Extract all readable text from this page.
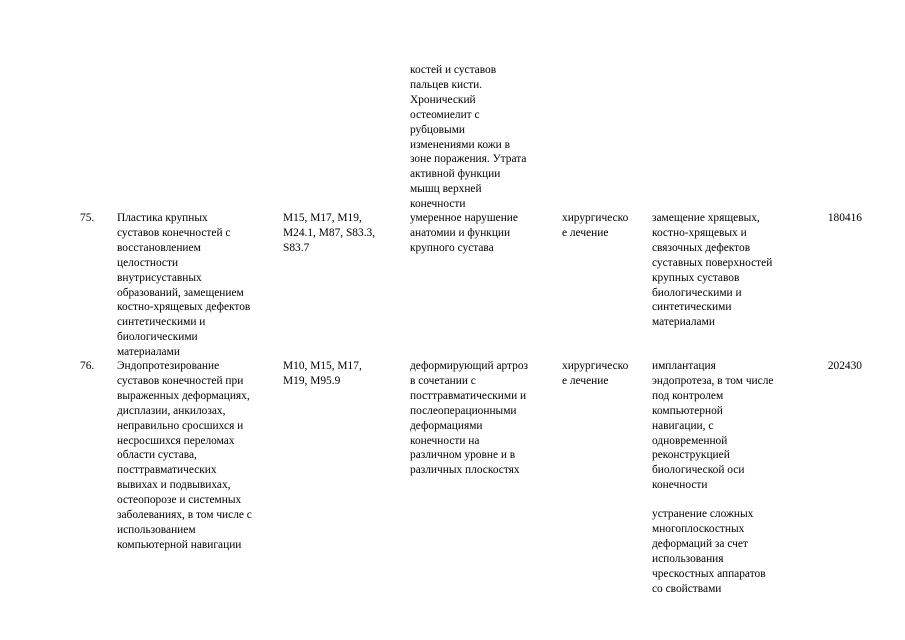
костей и суставов
пальцев кисти.
Хронический
остеомиелит с
рубцовыми
изменениями кожи в
зоне поражения. Утрата
активной функции
мышц верхней
конечности

75.	Пластика крупных
суставов конечностей с
восстановлением
целостности
внутрисуставных
образований, замещением
костно-хрящевых дефектов
синтетическими и
биологическими
материалами

M15, M17, M19,
M24.1, M87, S83.3,
S83.7

умеренное нарушение
анатомии и функции
крупного сустава

хирургическо
е лечение

замещение хрящевых,
костно-хрящевых и
связочных дефектов
суставных поверхностей
крупных суставов
биологическими и
синтетическими
материалами

180416

76.	Эндопротезирование
суставов конечностей при
выраженных деформациях,
дисплазии, анкилозах,
неправильно сросшихся и
несросшихся переломах
области сустава,
посттравматических
вывихах и подвывихах,
остеопорозе и системных
заболеваниях, в том числе с
использованием
компьютерной навигации

M10, M15, M17,
M19, M95.9

деформирующий артроз
в сочетании с
посттравматическими и
послеоперационными
деформациями
конечности на
различном уровне и в
различных плоскостях

хирургическо
е лечение

имплантация
эндопротеза, в том числе
под контролем
компьютерной
навигации, с
одновременной
реконструкцией
биологической оси
конечности

устранение сложных
многоплоскостных
деформаций за счет
использования
чрескостных аппаратов
со свойствами

202430
